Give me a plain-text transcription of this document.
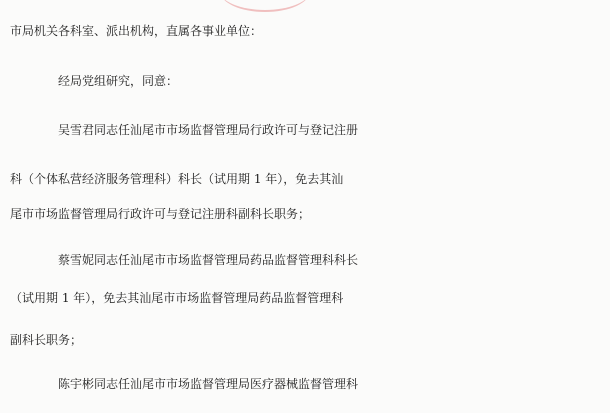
市局机关各科室、派出机构，直属各事业单位：
经局党组研究，同意：
吴雪君同志任汕尾市市场监督管理局行政许可与登记注册
科（个体私营经济服务管理科）科长（试用期 1 年），免去其汕
尾市市场监督管理局行政许可与登记注册科副科长职务；
蔡雪妮同志任汕尾市市场监督管理局药品监督管理科科长
（试用期 1 年），免去其汕尾市市场监督管理局药品监督管理科
副科长职务；
陈宇彬同志任汕尾市市场监督管理局医疗器械监督管理科
